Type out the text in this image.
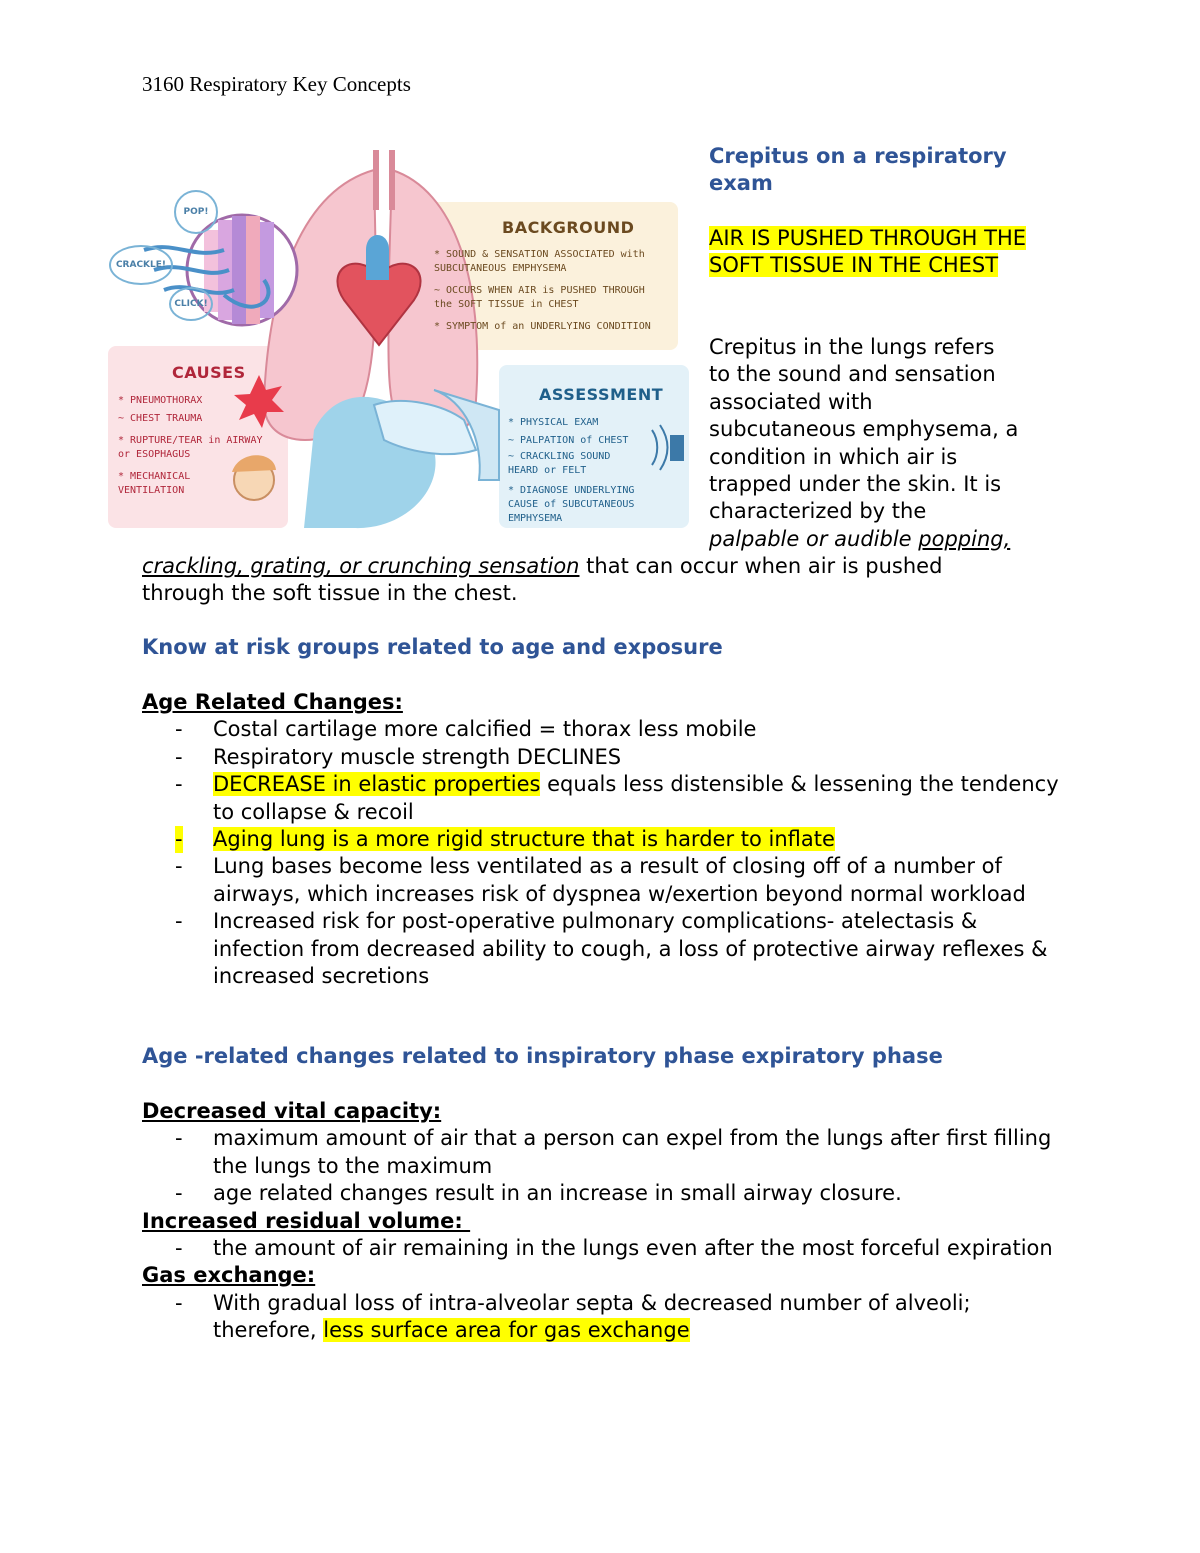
3160 Respiratory Key Concepts
POP!
CRACKLE!
CLICK!
BACKGROUND
* SOUND & SENSATION ASSOCIATED with
SUBCUTANEOUS EMPHYSEMA
~ OCCURS WHEN AIR is PUSHED THROUGH
the SOFT TISSUE in CHEST
* SYMPTOM of an UNDERLYING CONDITION
CAUSES
* PNEUMOTHORAX
~ CHEST TRAUMA
* RUPTURE/TEAR in AIRWAY
or ESOPHAGUS
* MECHANICAL
VENTILATION
ASSESSMENT
* PHYSICAL EXAM
~ PALPATION of CHEST
~ CRACKLING SOUND
HEARD or FELT
* DIAGNOSE UNDERLYING
CAUSE of SUBCUTANEOUS
EMPHYSEMA
Crepitus on a respiratory exam
AIR IS PUSHED THROUGH THE SOFT TISSUE IN THE CHEST
Crepitus in the lungs refers
to the sound and sensation
associated with
subcutaneous emphysema, a
condition in which air is
trapped under the skin. It is
characterized by the
palpable or audible popping,
crackling, grating, or crunching sensation that can occur when air is pushed
through the soft tissue in the chest.
Know at risk groups related to age and exposure
Age Related Changes:
- Costal cartilage more calcified = thorax less mobile
- Respiratory muscle strength DECLINES
- DECREASE in elastic properties equals less distensible & lessening the tendency to collapse & recoil
- Aging lung is a more rigid structure that is harder to inflate
- Lung bases become less ventilated as a result of closing off of a number of airways, which increases risk of dyspnea w/exertion beyond normal workload
- Increased risk for post-operative pulmonary complications- atelectasis & infection from decreased ability to cough, a loss of protective airway reflexes & increased secretions
Age -related changes related to inspiratory phase expiratory phase
Decreased vital capacity:
- maximum amount of air that a person can expel from the lungs after first filling the lungs to the maximum
- age related changes result in an increase in small airway closure.
Increased residual volume:
- the amount of air remaining in the lungs even after the most forceful expiration
Gas exchange:
- With gradual loss of intra-alveolar septa & decreased number of alveoli; therefore, less surface area for gas exchange
